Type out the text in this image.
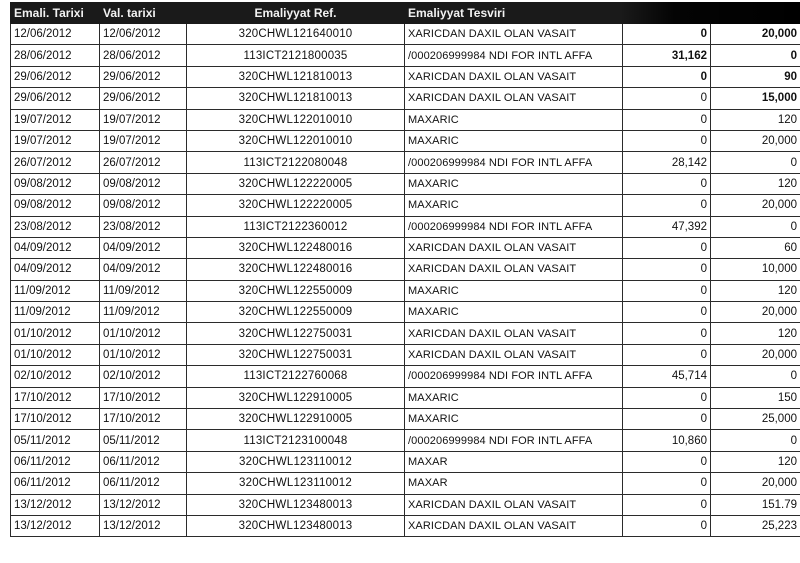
Emali. Tarixi	Val. tarixi	Emaliyyat Ref.	Emaliyyat Tesviri		
12/06/2012	12/06/2012	320CHWL121640010	XARICDAN DAXIL OLAN VASAIT	0	20,000
28/06/2012	28/06/2012	113ICT2121800035	/000206999984 NDI FOR INTL AFFA	31,162	0
29/06/2012	29/06/2012	320CHWL121810013	XARICDAN DAXIL OLAN VASAIT	0	90
29/06/2012	29/06/2012	320CHWL121810013	XARICDAN DAXIL OLAN VASAIT	0	15,000
19/07/2012	19/07/2012	320CHWL122010010	MAXARIC	0	120
19/07/2012	19/07/2012	320CHWL122010010	MAXARIC	0	20,000
26/07/2012	26/07/2012	113ICT2122080048	/000206999984 NDI FOR INTL AFFA	28,142	0
09/08/2012	09/08/2012	320CHWL122220005	MAXARIC	0	120
09/08/2012	09/08/2012	320CHWL122220005	MAXARIC	0	20,000
23/08/2012	23/08/2012	113ICT2122360012	/000206999984 NDI FOR INTL AFFA	47,392	0
04/09/2012	04/09/2012	320CHWL122480016	XARICDAN DAXIL OLAN VASAIT	0	60
04/09/2012	04/09/2012	320CHWL122480016	XARICDAN DAXIL OLAN VASAIT	0	10,000
11/09/2012	11/09/2012	320CHWL122550009	MAXARIC	0	120
11/09/2012	11/09/2012	320CHWL122550009	MAXARIC	0	20,000
01/10/2012	01/10/2012	320CHWL122750031	XARICDAN DAXIL OLAN VASAIT	0	120
01/10/2012	01/10/2012	320CHWL122750031	XARICDAN DAXIL OLAN VASAIT	0	20,000
02/10/2012	02/10/2012	113ICT2122760068	/000206999984 NDI FOR INTL AFFA	45,714	0
17/10/2012	17/10/2012	320CHWL122910005	MAXARIC	0	150
17/10/2012	17/10/2012	320CHWL122910005	MAXARIC	0	25,000
05/11/2012	05/11/2012	113ICT2123100048	/000206999984 NDI FOR INTL AFFA	10,860	0
06/11/2012	06/11/2012	320CHWL123110012	MAXAR	0	120
06/11/2012	06/11/2012	320CHWL123110012	MAXAR	0	20,000
13/12/2012	13/12/2012	320CHWL123480013	XARICDAN DAXIL OLAN VASAIT	0	151.79
13/12/2012	13/12/2012	320CHWL123480013	XARICDAN DAXIL OLAN VASAIT	0	25,223
